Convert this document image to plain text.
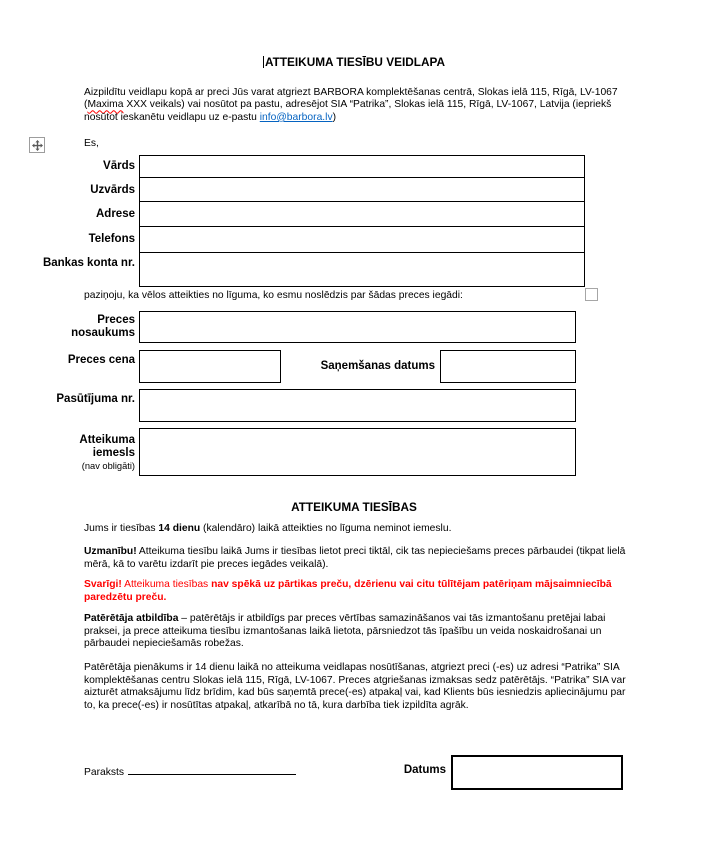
ATTEIKUMA TIESĪBU VEIDLAPA

Aizpildītu veidlapu kopā ar preci Jūs varat atgriezt BARBORA komplektēšanas centrā, Slokas ielā 115, Rīgā, LV-1067 (Maxima XXX veikals) vai nosūtot pa pastu, adresējot SIA “Patrika”, Slokas ielā 115, Rīgā, LV-1067, Latvija (iepriekš nosūtot ieskanētu veidlapu uz e-pastu info@barbora.lv)

Es,
Vārds
Uzvārds
Adrese
Telefons
Bankas konta nr.

paziņoju, ka vēlos atteikties no līguma, ko esmu noslēdzis par šādas preces iegādi:

Preces nosaukums
Preces cena	Saņemšanas datums
Pasūtījuma nr.
Atteikuma iemesls
(nav obligāti)
ATTEIKUMA TIESĪBAS

Jums ir tiesības 14 dienu (kalendāro) laikā atteikties no līguma neminot iemeslu.

Uzmanību! Atteikuma tiesību laikā Jums ir tiesības lietot preci tiktāl, cik tas nepieciešams preces pārbaudei (tikpat lielā mērā, kā to varētu izdarīt pie preces iegādes veikalā).

Svarīgi! Atteikuma tiesības nav spēkā uz pārtikas preču, dzērienu vai citu tūlītējam patēriņam mājsaimniecībā paredzētu preču.

Patērētāja atbildība – patērētājs ir atbildīgs par preces vērtības samazināšanos vai tās izmantošanu pretējai labai praksei, ja prece atteikuma tiesību izmantošanas laikā lietota, pārsniedzot tās īpašību un veida noskaidrošanai un pārbaudei nepieciešamās robežas.

Patērētāja pienākums ir 14 dienu laikā no atteikuma veidlapas nosūtīšanas, atgriezt preci (-es) uz adresi “Patrika” SIA komplektēšanas centru Slokas ielā 115, Rīgā, LV-1067. Preces atgriešanas izmaksas sedz patērētājs. “Patrika” SIA var aizturēt atmaksājumu līdz brīdim, kad būs saņemtā prece(-es) atpakaļ vai, kad Klients būs iesniedzis apliecinājumu par to, ka prece(-es) ir nosūtītas atpakaļ, atkarībā no tā, kura darbība tiek izpildīta agrāk.

Paraksts	Datums
